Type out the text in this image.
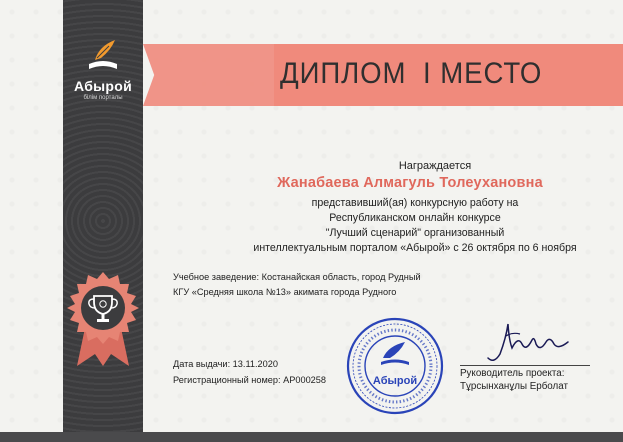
Абырой
білім порталы
ДИПЛОМ I МЕСТО
Награждается
Жанабаева Алмагуль Толеухановна
представивший(ая) конкурсную работу на
Республиканском онлайн конкурсе
"Лучший сценарий" организованный
интеллектуальным порталом «Абырой» с 26 октября по 6 ноября
Учебное заведение: Костанайская область, город Рудный
КГУ «Средняя школа №13» акимата города Рудного
Дата выдачи: 13.11.2020
Регистрационный номер: АР000258	Абырой
Руководитель проекта:
Тұрсынханұлы Ерболат
